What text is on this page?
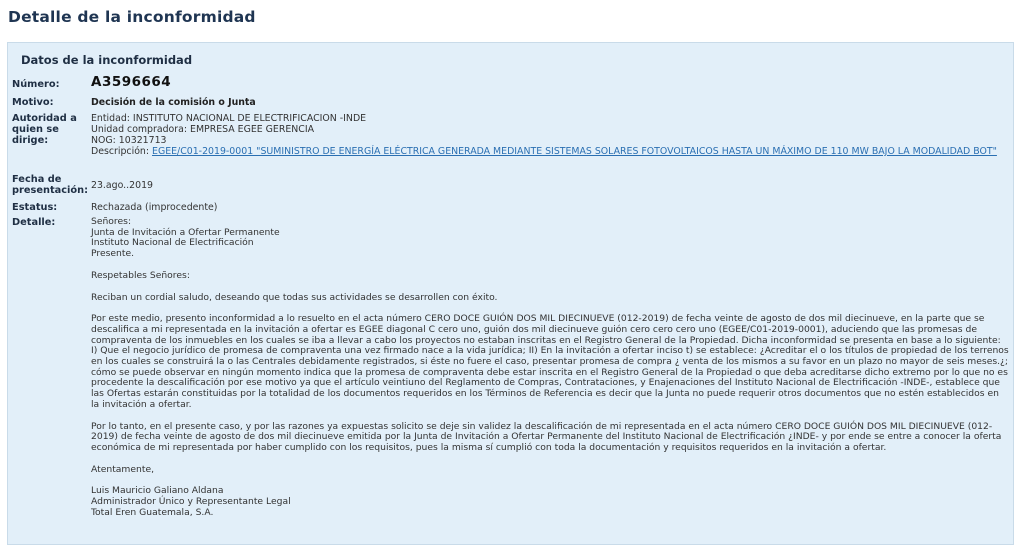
Detalle de la inconformidad
Datos de la inconformidad
Número:	A3596664
Motivo:	Decisión de la comisión o Junta
Autoridad a quien se dirige:
Entidad: INSTITUTO NACIONAL DE ELECTRIFICACION -INDE
Unidad compradora: EMPRESA EGEE GERENCIA
NOG: 10321713
Descripción: EGEE/C01-2019-0001 "SUMINISTRO DE ENERGÍA ELÉCTRICA GENERADA MEDIANTE SISTEMAS SOLARES FOTOVOLTAICOS HASTA UN MÁXIMO DE 110 MW BAJO LA MODALIDAD BOT"
Fecha de presentación: 23.ago..2019
Estatus:	Rechazada (improcedente)
Detalle:	Señores:
Junta de Invitación a Ofertar Permanente
Instituto Nacional de Electrificación
Presente.
Respetables Señores:
Reciban un cordial saludo, deseando que todas sus actividades se desarrollen con éxito.
Por este medio, presento inconformidad a lo resuelto en el acta número CERO DOCE GUIÓN DOS MIL DIECINUEVE (012-2019) de fecha veinte de agosto de dos mil diecinueve, en la parte que se descalifica a mi representada en la invitación a ofertar es EGEE diagonal C cero uno, guión dos mil diecinueve guión cero cero cero uno (EGEE/C01-2019-0001), aduciendo que las promesas de compraventa de los inmuebles en los cuales se iba a llevar a cabo los proyectos no estaban inscritas en el Registro General de la Propiedad. Dicha inconformidad se presenta en base a lo siguiente: I) Que el negocio jurídico de promesa de compraventa una vez firmado nace a la vida jurídica; II) En la invitación a ofertar inciso t) se establece: ¿Acreditar el o los títulos de propiedad de los terrenos en los cuales se construirá la o las Centrales debidamente registrados, si éste no fuere el caso, presentar promesa de compra ¿ venta de los mismos a su favor en un plazo no mayor de seis meses.¿; cómo se puede observar en ningún momento indica que la promesa de compraventa debe estar inscrita en el Registro General de la Propiedad o que deba acreditarse dicho extremo por lo que no es procedente la descalificación por ese motivo ya que el artículo veintiuno del Reglamento de Compras, Contrataciones, y Enajenaciones del Instituto Nacional de Electrificación -INDE-, establece que las Ofertas estarán constituidas por la totalidad de los documentos requeridos en los Términos de Referencia es decir que la Junta no puede requerir otros documentos que no estén establecidos en la invitación a ofertar.
Por lo tanto, en el presente caso, y por las razones ya expuestas solicito se deje sin validez la descalificación de mi representada en el acta número CERO DOCE GUIÓN DOS MIL DIECINUEVE (012-2019) de fecha veinte de agosto de dos mil diecinueve emitida por la Junta de Invitación a Ofertar Permanente del Instituto Nacional de Electrificación ¿INDE- y por ende se entre a conocer la oferta económica de mi representada por haber cumplido con los requisitos, pues la misma sí cumplió con toda la documentación y requisitos requeridos en la invitación a ofertar.
Atentamente,
Luis Mauricio Galiano Aldana
Administrador Único y Representante Legal
Total Eren Guatemala, S.A.
